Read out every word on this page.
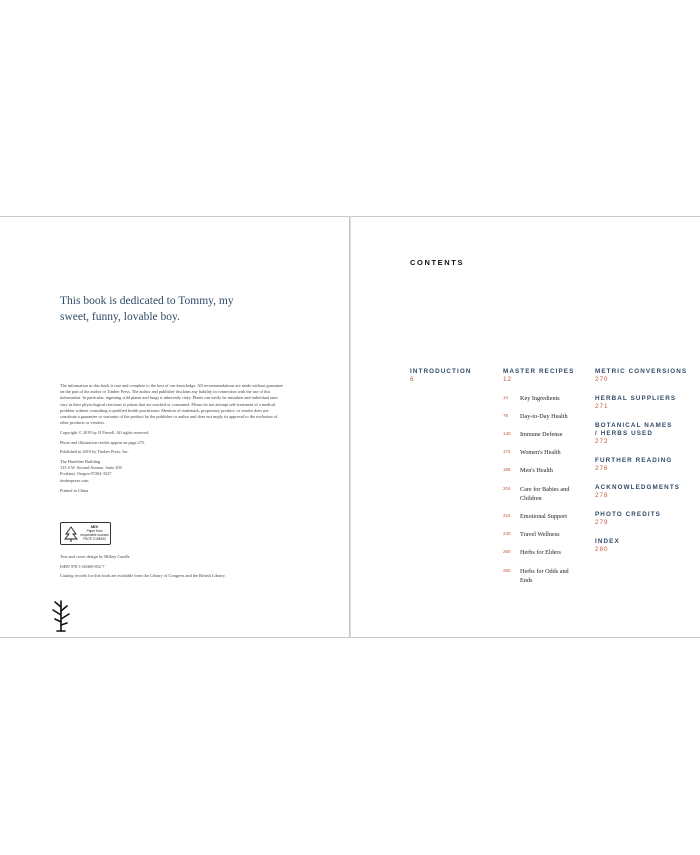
This book is dedicated to Tommy, my sweet, funny, lovable boy.

The information in this book is true and complete to the best of our knowledge. All recommendations are made without guarantee on the part of the author or Timber Press. The author and publisher disclaim any liability in connection with the use of this information. In particular, ingesting wild plants and fungi is inherently risky. Plants can easily be mistaken and individual ones vary in their physiological reactions to plants that are touched or consumed. Please do not attempt self-treatment of a medical problem without consulting a qualified health practitioner. Mention of trademark, proprietary product, or vendor does not constitute a guarantee or warranty of the product by the publisher or author and does not imply its approval to the exclusion of other products or vendors.

Copyright © 2019 by JJ Pursell. All rights reserved.

Photo and illustration credits appear on page 275.

Published in 2019 by Timber Press, Inc.

The Haseltine Building

133 S.W. Second Avenue, Suite 450

Portland, Oregon 97204-3527

timberpress.com

Printed in China

MIX
Paper from
responsible sources
FSC® C198333

Text and cover design by Hillary Caudle

ISBN 978-1-60469-852-7

Catalog records for this book are available from the Library of Congress and the British Library.

CONTENTS
INTRODUCTION
6
MASTER RECIPES
12
14	Key Ingredients
78	Day-to-Day Health
140	Immune Defense
172	Women's Health
186	Men's Health
204	Care for Babies and Children
224	Emotional Support
240	Travel Wellness
250	Herbs for Elders
260	Herbs for Odds and Ends
METRIC CONVERSIONS
270
HERBAL SUPPLIERS
271
BOTANICAL NAMES / HERBS USED
272
FURTHER READING
276
ACKNOWLEDGMENTS
278
PHOTO CREDITS
279
INDEX
280
